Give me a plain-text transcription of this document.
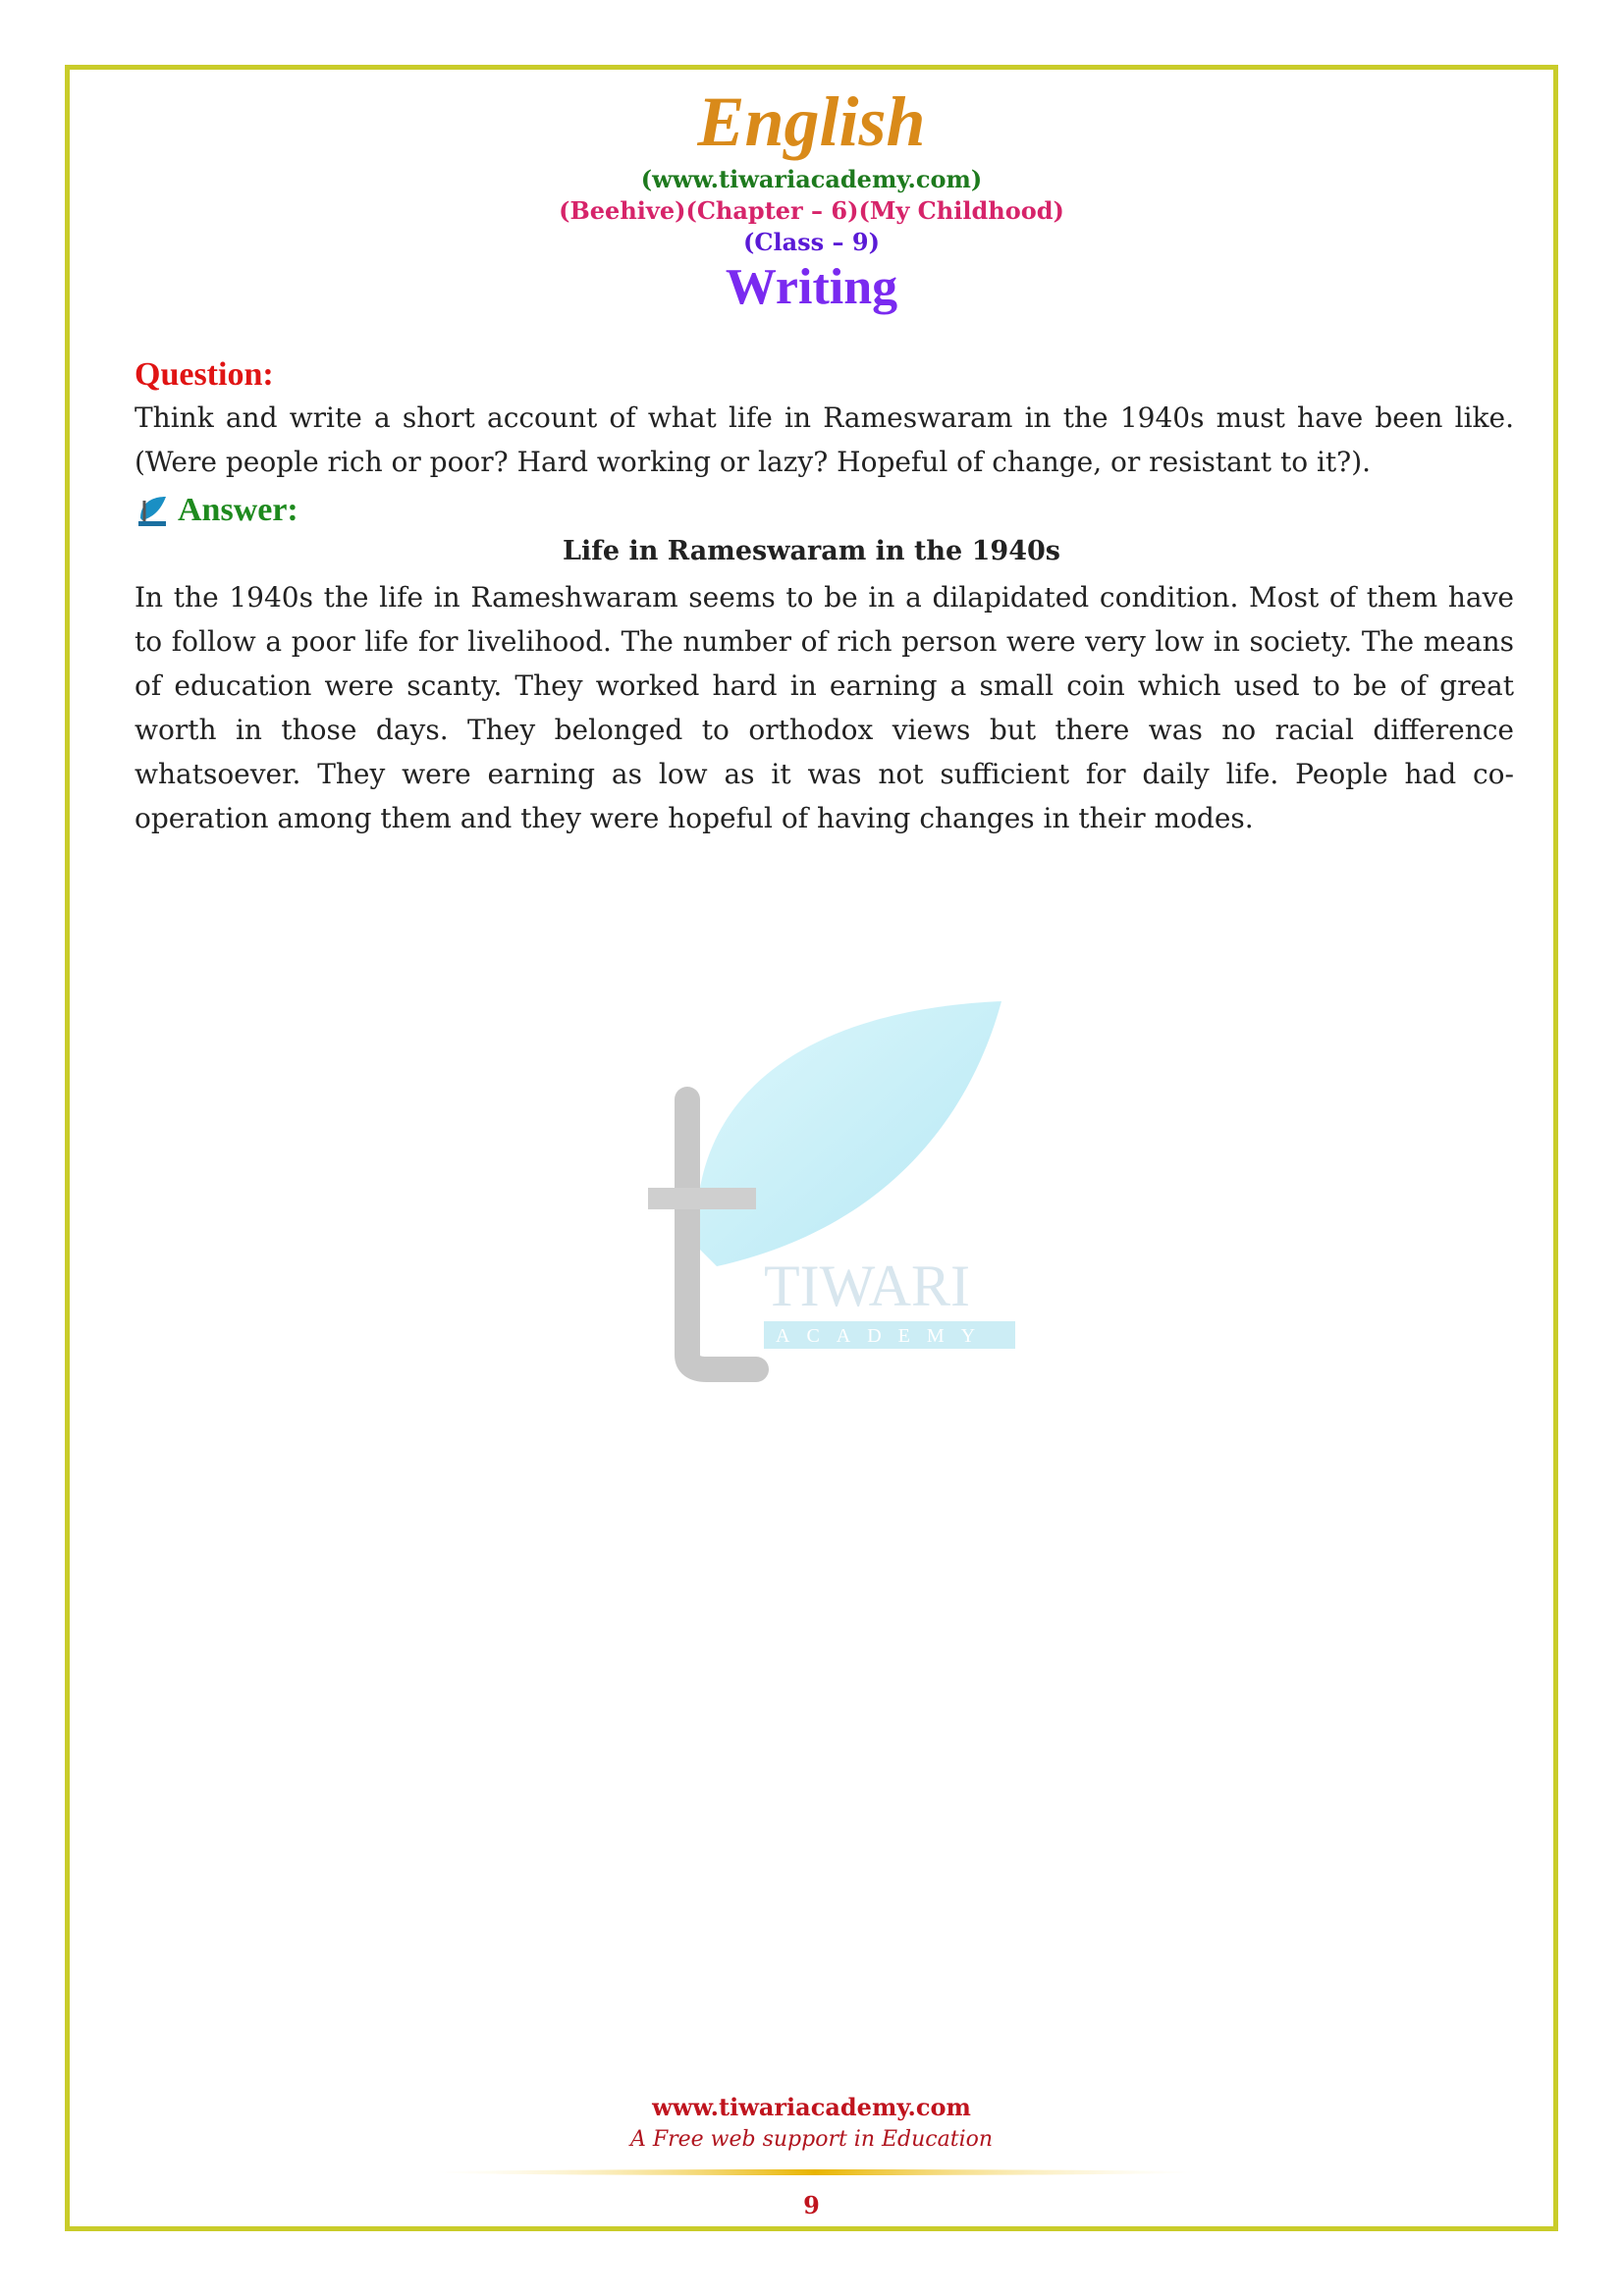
English
(www.tiwariacademy.com)
(Beehive)(Chapter – 6)(My Childhood)
(Class – 9)
Writing
Question:
Think and write a short account of what life in Rameswaram in the 1940s must have been like. (Were people rich or poor? Hard working or lazy? Hopeful of change, or resistant to it?).
Answer:
Life in Rameswaram in the 1940s
In the 1940s the life in Rameshwaram seems to be in a dilapidated condition. Most of them have to follow a poor life for livelihood. The number of rich person were very low in society. The means of education were scanty. They worked hard in earning a small coin which used to be of great worth in those days. They belonged to orthodox views but there was no racial difference whatsoever. They were earning as low as it was not sufficient for daily life. People had co-operation among them and they were hopeful of having changes in their modes.
TIWARI
ACADEMY
www.tiwariacademy.com
A Free web support in Education
9
